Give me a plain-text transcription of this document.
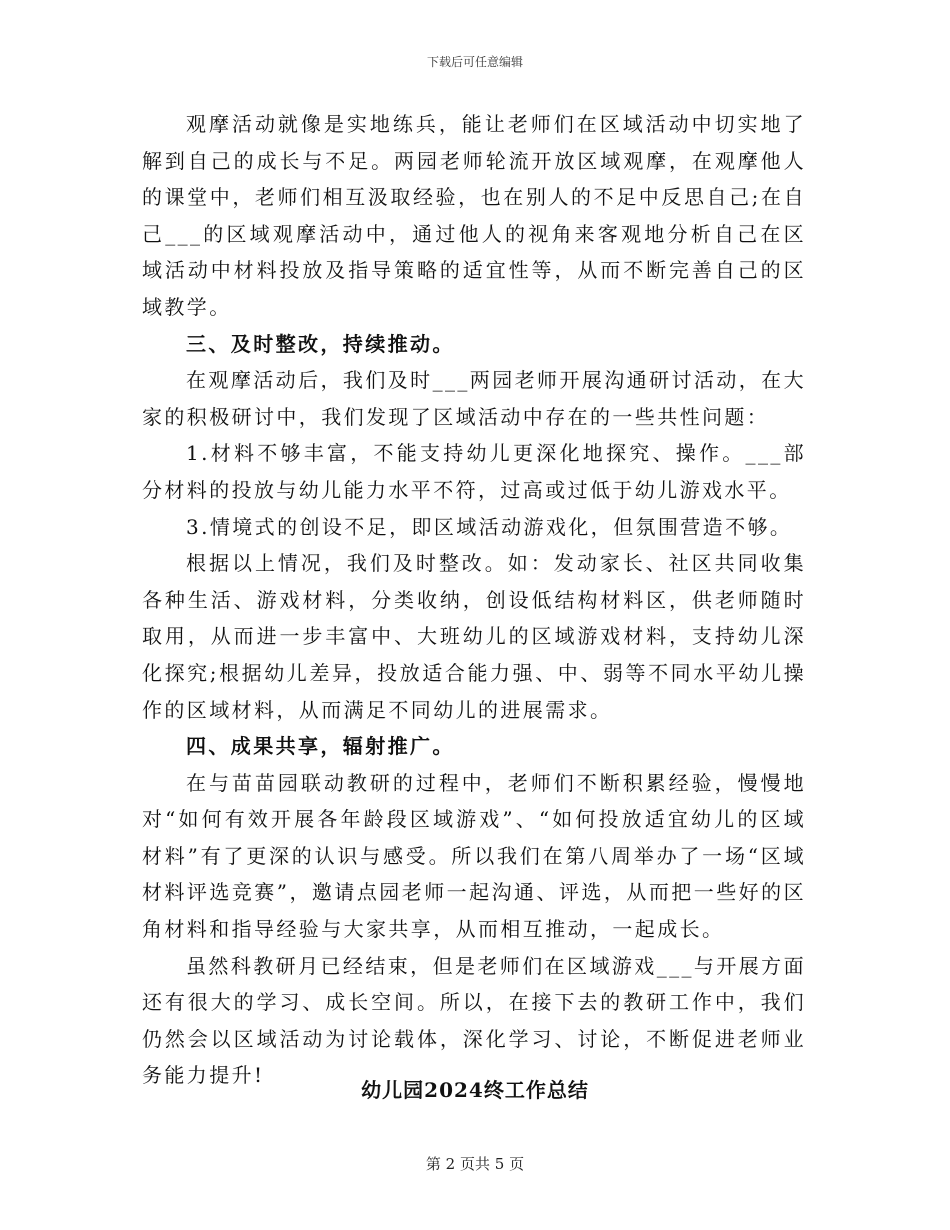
下载后可任意编辑

观摩活动就像是实地练兵，能让老师们在区域活动中切实地了解到自己的成长与不足。两园老师轮流开放区域观摩，在观摩他人的课堂中，老师们相互汲取经验，也在别人的不足中反思自己;在自己___的区域观摩活动中，通过他人的视角来客观地分析自己在区域活动中材料投放及指导策略的适宜性等，从而不断完善自己的区域教学。

三、及时整改，持续推动。

在观摩活动后，我们及时___两园老师开展沟通研讨活动，在大家的积极研讨中，我们发现了区域活动中存在的一些共性问题：

1.材料不够丰富，不能支持幼儿更深化地探究、操作。___部分材料的投放与幼儿能力水平不符，过高或过低于幼儿游戏水平。

3.情境式的创设不足，即区域活动游戏化，但氛围营造不够。

根据以上情况，我们及时整改。如：发动家长、社区共同收集各种生活、游戏材料，分类收纳，创设低结构材料区，供老师随时取用，从而进一步丰富中、大班幼儿的区域游戏材料，支持幼儿深化探究;根据幼儿差异，投放适合能力强、中、弱等不同水平幼儿操作的区域材料，从而满足不同幼儿的进展需求。

四、成果共享，辐射推广。

在与苗苗园联动教研的过程中，老师们不断积累经验，慢慢地对“如何有效开展各年龄段区域游戏”、“如何投放适宜幼儿的区域材料”有了更深的认识与感受。所以我们在第八周举办了一场“区域材料评选竞赛”，邀请点园老师一起沟通、评选，从而把一些好的区角材料和指导经验与大家共享，从而相互推动，一起成长。

虽然科教研月已经结束，但是老师们在区域游戏___与开展方面还有很大的学习、成长空间。所以，在接下去的教研工作中，我们仍然会以区域活动为讨论载体，深化学习、讨论，不断促进老师业务能力提升!

幼儿园2024终工作总结
第 2 页共 5 页
